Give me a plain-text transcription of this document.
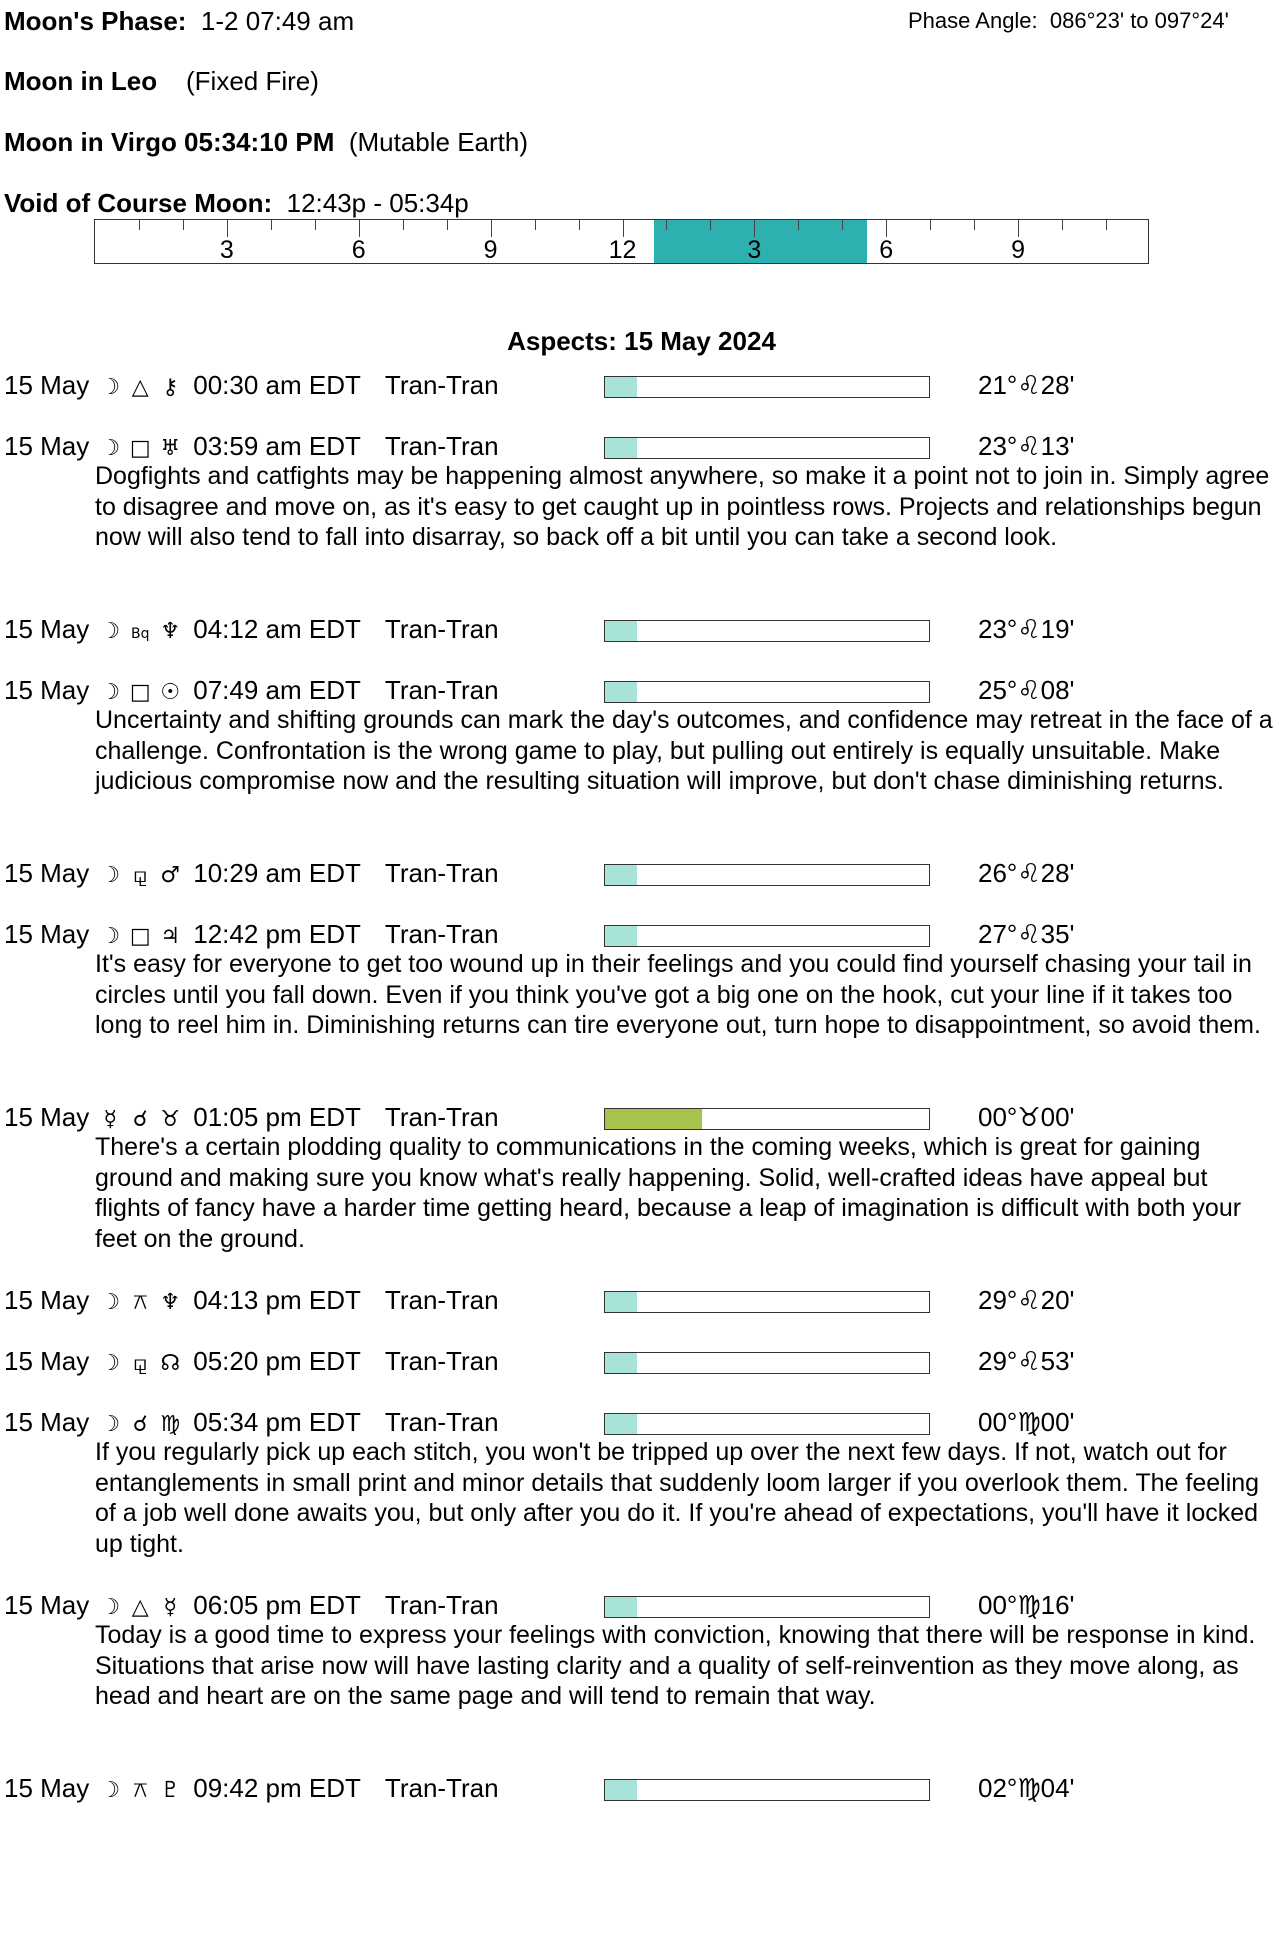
Moon's Phase: 1-2 07:49 am	Phase Angle: 086°23' to 097°24'
Moon in Leo (Fixed Fire)
Moon in Virgo 05:34:10 PM (Mutable Earth)
Void of Course Moon: 12:43p - 05:34p
3	6	9	12	3	6	9
Aspects: 15 May 2024
15 May ☽ △ ⚷ 00:30 am EDT Tran-Tran	21°♌28'
15 May ☽ □ ♅ 03:59 am EDT Tran-Tran	23°♌13'
Dogfights and catfights may be happening almost anywhere, so make it a point not to join in. Simply agree to disagree and move on, as it's easy to get caught up in pointless rows. Projects and relationships begun now will also tend to fall into disarray, so back off a bit until you can take a second look.
15 May ☽ Bq ♆ 04:12 am EDT Tran-Tran	23°♌19'
15 May ☽ □ ☉ 07:49 am EDT Tran-Tran	25°♌08'
Uncertainty and shifting grounds can mark the day's outcomes, and confidence may retreat in the face of a challenge. Confrontation is the wrong game to play, but pulling out entirely is equally unsuitable. Make judicious compromise now and the resulting situation will improve, but don't chase diminishing returns.
15 May ☽ ⚼ ♂ 10:29 am EDT Tran-Tran	26°♌28'
15 May ☽ □ ♃ 12:42 pm EDT Tran-Tran	27°♌35'
It's easy for everyone to get too wound up in their feelings and you could find yourself chasing your tail in circles until you fall down. Even if you think you've got a big one on the hook, cut your line if it takes too long to reel him in. Diminishing returns can tire everyone out, turn hope to disappointment, so avoid them.
15 May ☿ ☌ ♉ 01:05 pm EDT Tran-Tran	00°♉00'
There's a certain plodding quality to communications in the coming weeks, which is great for gaining ground and making sure you know what's really happening. Solid, well-crafted ideas have appeal but flights of fancy have a harder time getting heard, because a leap of imagination is difficult with both your feet on the ground.
15 May ☽ ⚻ ♆ 04:13 pm EDT Tran-Tran	29°♌20'
15 May ☽ ⚼ ☊ 05:20 pm EDT Tran-Tran	29°♌53'
15 May ☽ ☌ ♍ 05:34 pm EDT Tran-Tran	00°♍00'
If you regularly pick up each stitch, you won't be tripped up over the next few days. If not, watch out for entanglements in small print and minor details that suddenly loom larger if you overlook them. The feeling of a job well done awaits you, but only after you do it. If you're ahead of expectations, you'll have it locked up tight.
15 May ☽ △ ☿ 06:05 pm EDT Tran-Tran	00°♍16'
Today is a good time to express your feelings with conviction, knowing that there will be response in kind. Situations that arise now will have lasting clarity and a quality of self-reinvention as they move along, as head and heart are on the same page and will tend to remain that way.
15 May ☽ ⚻ ♇ 09:42 pm EDT Tran-Tran	02°♍04'
